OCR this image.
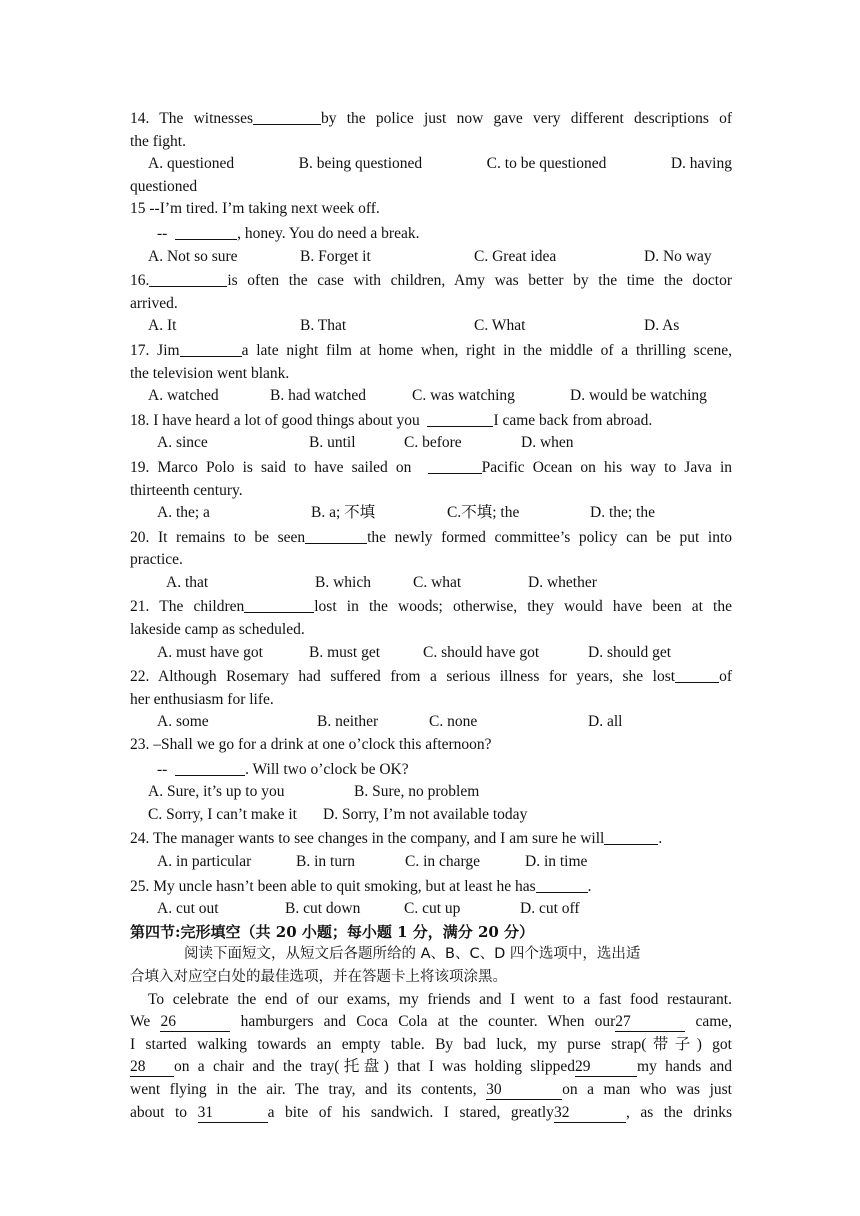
14. The witnesses	by the police just now gave very different descriptions of
the fight.
A. questioned	B. being questioned	C. to be questioned	D. having
questioned
15 --I’m tired. I’m taking next week off.
--	, honey. You do need a break.
A. Not so sure	B. Forget it	C. Great idea	D. No way
16.	is often the case with children, Amy was better by the time the doctor
arrived.
A. It	B. That	C. What	D. As
17. Jim	a late night film at home when, right in the middle of a thrilling scene,
the television went blank.
A. watched	B. had watched	C. was watching	D. would be watching
18. I have heard a lot of good things about you	I came back from abroad.
A. since	B. until	C. before	D. when
19. Marco Polo is said to have sailed on	Pacific Ocean on his way to Java in
thirteenth century.
A. the; a	B. a; 不填	C.不填; the	D. the; the
20. It remains to be seen	the newly formed committee’s policy can be put into
practice.
A. that	B. which	C. what	D. whether
21. The children	lost in the woods; otherwise, they would have been at the
lakeside camp as scheduled.
A. must have got	B. must get	C. should have got	D. should get
22. Although Rosemary had suffered from a serious illness for years, she lost	of
her enthusiasm for life.
A. some	B. neither	C. none	D. all
23. –Shall we go for a drink at one o’clock this afternoon?
--	. Will two o’clock be OK?
A. Sure, it’s up to you	B. Sure, no problem
C. Sorry, I can’t make it	D. Sorry, I’m not available today
24. The manager wants to see changes in the company, and I am sure he will	.
A. in particular	B. in turn	C. in charge	D. in time
25. My uncle hasn’t been able to quit smoking, but at least he has	.
A. cut out	B. cut down	C. cut up	D. cut off
第四节:完形填空（共 20 小题；每小题 1 分，满分 20 分）
阅读下面短文，从短文后各题所给的 A、B、C、D 四个选项中，选出适
合填入对应空白处的最佳选项，并在答题卡上将该项涂黑。
To celebrate the end of our exams, my friends and I went to a fast food restaurant.
We 26	hamburgers and Coca Cola at the counter. When our27	came,
I started walking towards an empty table. By bad luck, my purse strap(带子) got
28 on a chair and the tray(托盘) that I was holding slipped29	my hands and
went flying in the air. The tray, and its contents, 30	on a man who was just
about to 31	a bite of his sandwich. I stared, greatly32	, as the drinks
